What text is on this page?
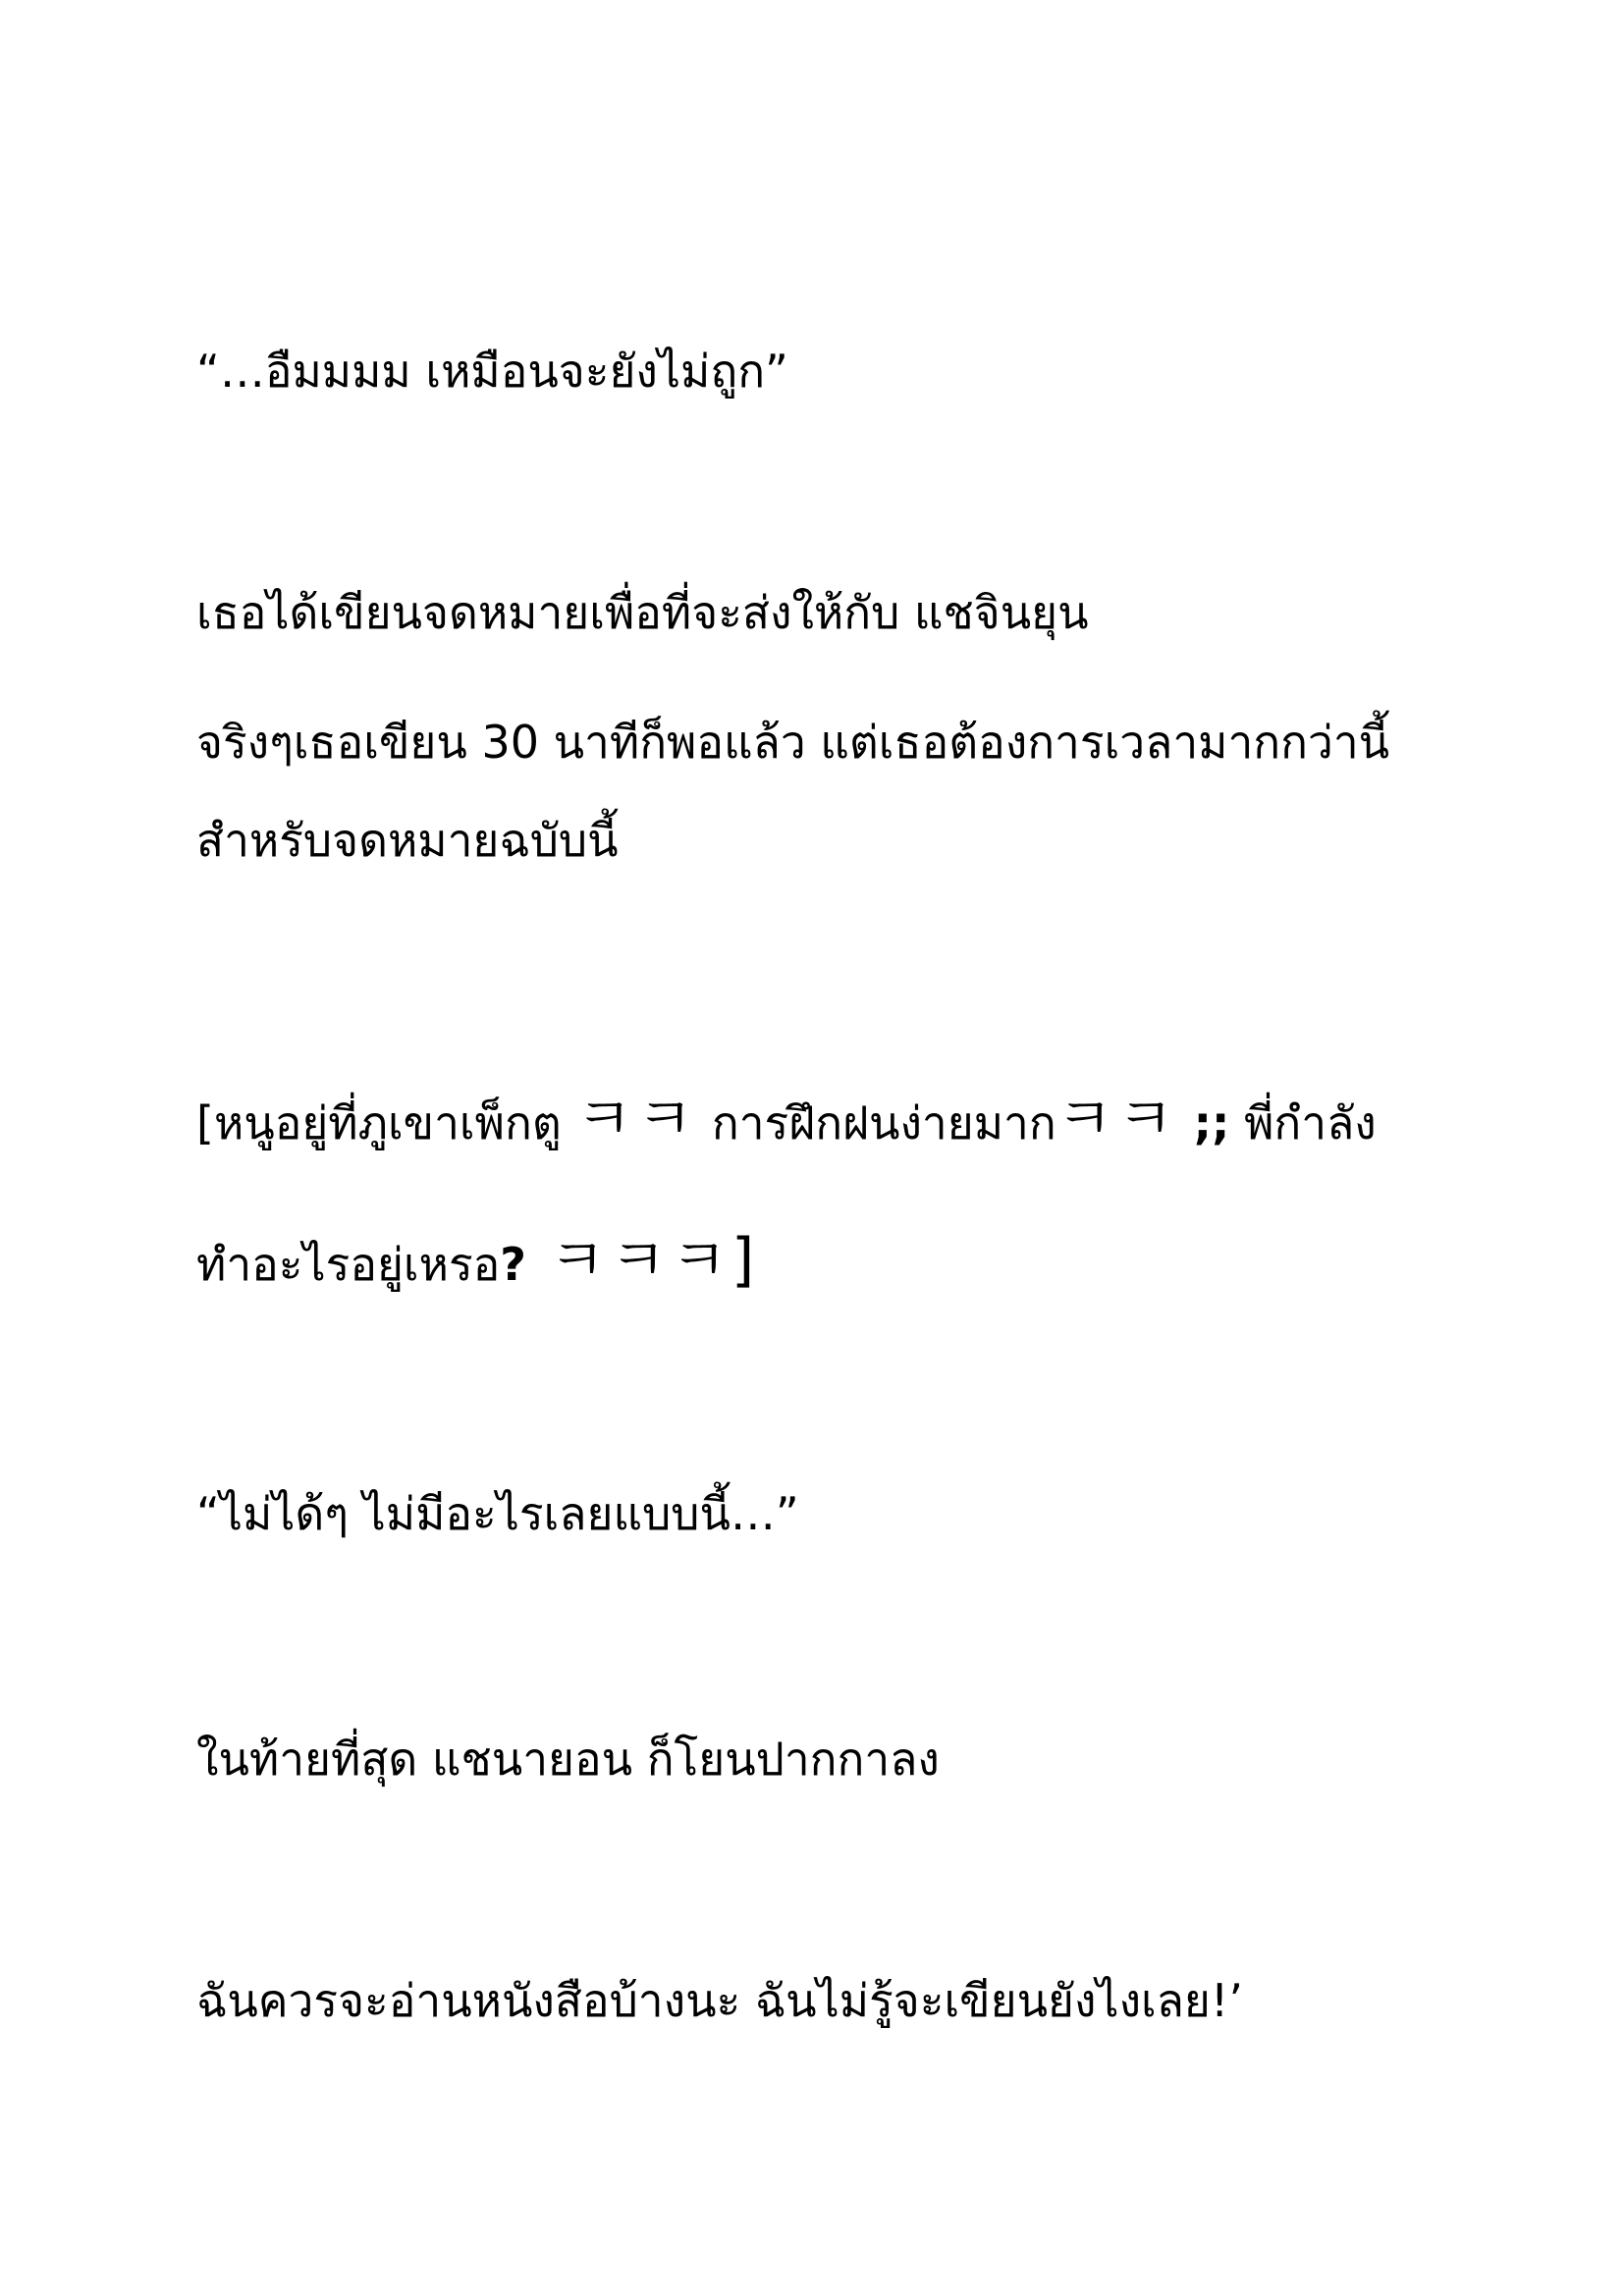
“…อืมมมม เหมือนจะยังไม่ถูก”
เธอได้เขียนจดหมายเพื่อที่จะส่งให้กับ แชจินยุน
จริงๆเธอเขียน 30 นาทีก็พอแล้ว แต่เธอต้องการเวลามากกว่านี้
สำหรับจดหมายฉบับนี้
[หนูอยู่ที่ภูเขาเพ็กตู ㅋㅋ การฝึกฝนง่ายมากㅋㅋ ;; พี่กำลัง
ทำอะไรอยู่เหรอ? ㅋㅋㅋ]
“ไม่ได้ๆ ไม่มีอะไรเลยแบบนี้…”
ในท้ายที่สุด แชนายอน ก็โยนปากกาลง
ฉันควรจะอ่านหนังสือบ้างนะ ฉันไม่รู้จะเขียนยังไงเลย!’
